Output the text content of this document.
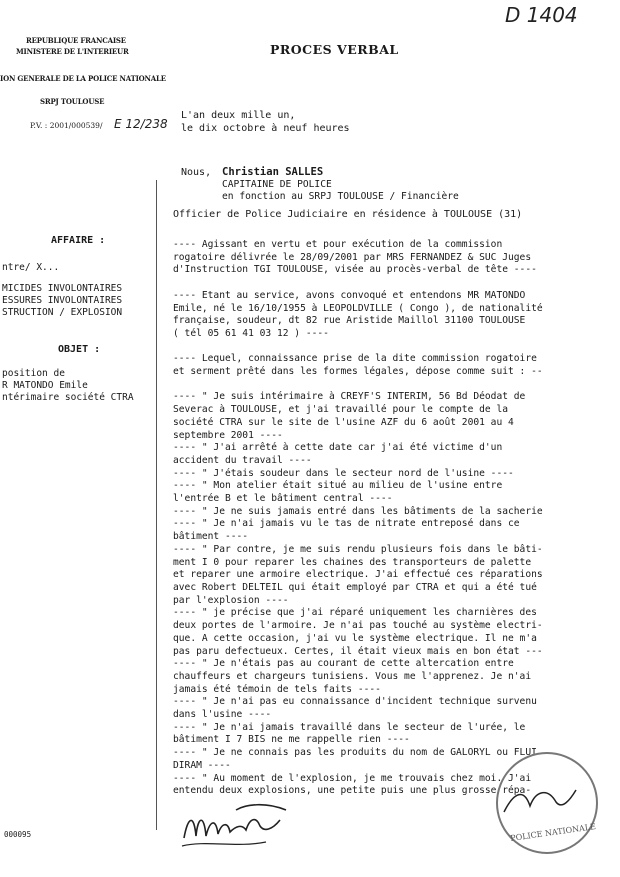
D 1404
REPUBLIQUE FRANCAISE
MINISTERE DE L'INTERIEUR
ION GENERALE DE LA POLICE NATIONALE
SRPJ TOULOUSE
P.V. : 2001/000539/ E 12/238
PROCES VERBAL
L'an deux mille un,
le dix octobre à neuf heures
Nous, Christian SALLES
CAPITAINE DE POLICE
en fonction au SRPJ TOULOUSE / Financière
Officier de Police Judiciaire en résidence à TOULOUSE (31)
AFFAIRE :
ntre/ X...
MICIDES INVOLONTAIRES
ESSURES INVOLONTAIRES
STRUCTION / EXPLOSION
OBJET :
position de
R MATONDO Emile
ntérimaire société CTRA
---- Agissant en vertu et pour exécution de la commission
rogatoire délivrée le 28/09/2001 par MRS FERNANDEZ & SUC Juges
d'Instruction TGI TOULOUSE, visée au procès-verbal de tête ----

---- Etant au service, avons convoqué et entendons MR MATONDO
Emile, né le 16/10/1955 à LEOPOLDVILLE ( Congo ), de nationalité
française, soudeur, dt 82 rue Aristide Maillol 31100 TOULOUSE
( tél 05 61 41 03 12 ) ----

---- Lequel, connaissance prise de la dite commission rogatoire
et serment prêté dans les formes légales, dépose comme suit : --

---- " Je suis intérimaire à CREYF'S INTERIM, 56 Bd Déodat de
Severac à TOULOUSE, et j'ai travaillé pour le compte de la
société CTRA sur le site de l'usine AZF du 6 août 2001 au 4
septembre 2001 ----
---- " J'ai arrêté à cette date car j'ai été victime d'un
accident du travail ----
---- " J'étais soudeur dans le secteur nord de l'usine ----
---- " Mon atelier était situé au milieu de l'usine entre
l'entrée B et le bâtiment central ----
---- " Je ne suis jamais entré dans les bâtiments de la sacherie
---- " Je n'ai jamais vu le tas de nitrate entreposé dans ce
bâtiment ----
---- " Par contre, je me suis rendu plusieurs fois dans le bâti-
ment I 0 pour reparer les chaines des transporteurs de palette
et reparer une armoire electrique. J'ai effectué ces réparations
avec Robert DELTEIL qui était employé par CTRA et qui a été tué
par l'explosion ----
---- " je précise que j'ai réparé uniquement les charnières des
deux portes de l'armoire. Je n'ai pas touché au système electri-
que. A cette occasion, j'ai vu le système electrique. Il ne m'a
pas paru defectueux. Certes, il était vieux mais en bon état ---
---- " Je n'étais pas au courant de cette altercation entre
chauffeurs et chargeurs tunisiens. Vous me l'apprenez. Je n'ai
jamais été témoin de tels faits ----
---- " Je n'ai pas eu connaissance d'incident technique survenu
dans l'usine ----
---- " Je n'ai jamais travaillé dans le secteur de l'urée, le
bâtiment I 7 BIS ne me rappelle rien ----
---- " Je ne connais pas les produits du nom de GALORYL ou FLUI
DIRAM ----
---- " Au moment de l'explosion, je me trouvais chez moi. J'ai
entendu deux explosions, une petite puis une plus grosse répa-
POLICE NATIONALE
000095
